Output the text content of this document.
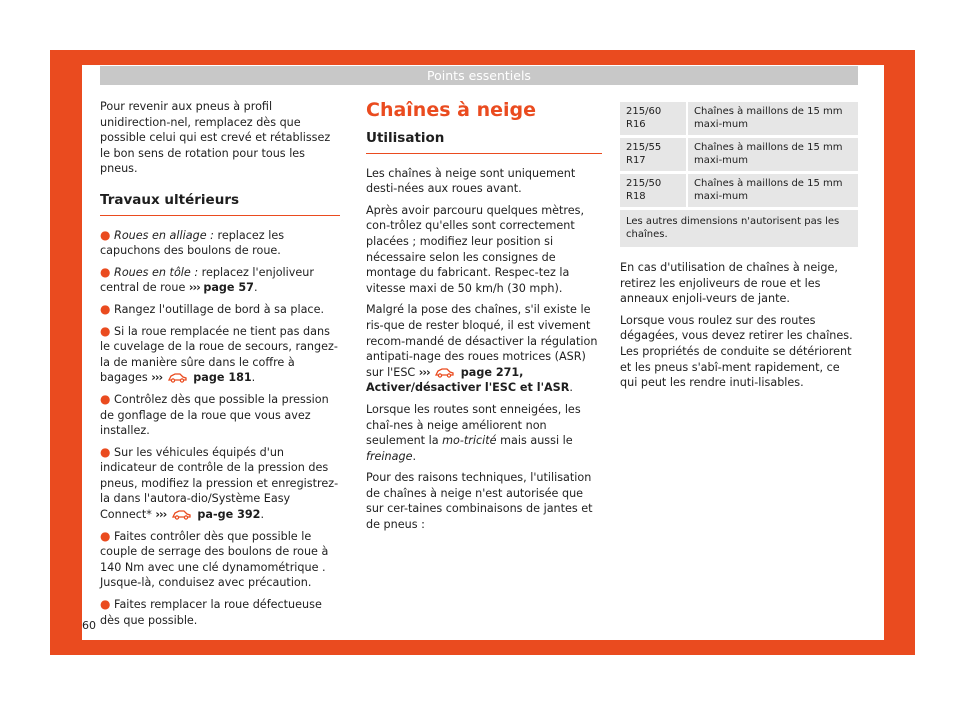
Points essentiels

Pour revenir aux pneus à profil unidirection-nel, remplacez dès que possible celui qui est crevé et rétablissez le bon sens de rotation pour tous les pneus.

Travaux ultérieurs

● Roues en alliage : replacez les capuchons des boulons de roue.

● Roues en tôle : replacez l'enjoliveur central de roue ››› page 57.

● Rangez l'outillage de bord à sa place.

● Si la roue remplacée ne tient pas dans le cuvelage de la roue de secours, rangez-la de manière sûre dans le coffre à bagages ›››	page 181.

● Contrôlez dès que possible la pression de gonflage de la roue que vous avez installez.

● Sur les véhicules équipés d'un indicateur de contrôle de la pression des pneus, modifiez la pression et enregistrez-la dans l'autora-dio/Système Easy Connect* ›››	pa-ge 392.

● Faites contrôler dès que possible le couple de serrage des boulons de roue à 140 Nm avec une clé dynamométrique . Jusque-là, conduisez avec précaution.

● Faites remplacer la roue défectueuse dès que possible.

Chaînes à neige
Utilisation

Les chaînes à neige sont uniquement desti-nées aux roues avant.

Après avoir parcouru quelques mètres, con-trôlez qu'elles sont correctement placées ; modifiez leur position si nécessaire selon les consignes de montage du fabricant. Respec-tez la vitesse maxi de 50 km/h (30 mph).

Malgré la pose des chaînes, s'il existe le ris-que de rester bloqué, il est vivement recom-mandé de désactiver la régulation antipati-nage des roues motrices (ASR) sur l'ESC ›››	page 271, Activer/désactiver l'ESC et l'ASR.

Lorsque les routes sont enneigées, les chaî-nes à neige améliorent non seulement la mo-tricité mais aussi le freinage.

Pour des raisons techniques, l'utilisation de chaînes à neige n'est autorisée que sur cer-taines combinaisons de jantes et de pneus :

215/60 R16	Chaînes à maillons de 15 mm maxi-mum
215/55 R17	Chaînes à maillons de 15 mm maxi-mum
215/50 R18	Chaînes à maillons de 15 mm maxi-mum
Les autres dimensions n'autorisent pas les chaînes.	

En cas d'utilisation de chaînes à neige, retirez les enjoliveurs de roue et les anneaux enjoli-veurs de jante.

Lorsque vous roulez sur des routes dégagées, vous devez retirer les chaînes. Les propriétés de conduite se détériorent et les pneus s'abî-ment rapidement, ce qui peut les rendre inuti-lisables.

60
